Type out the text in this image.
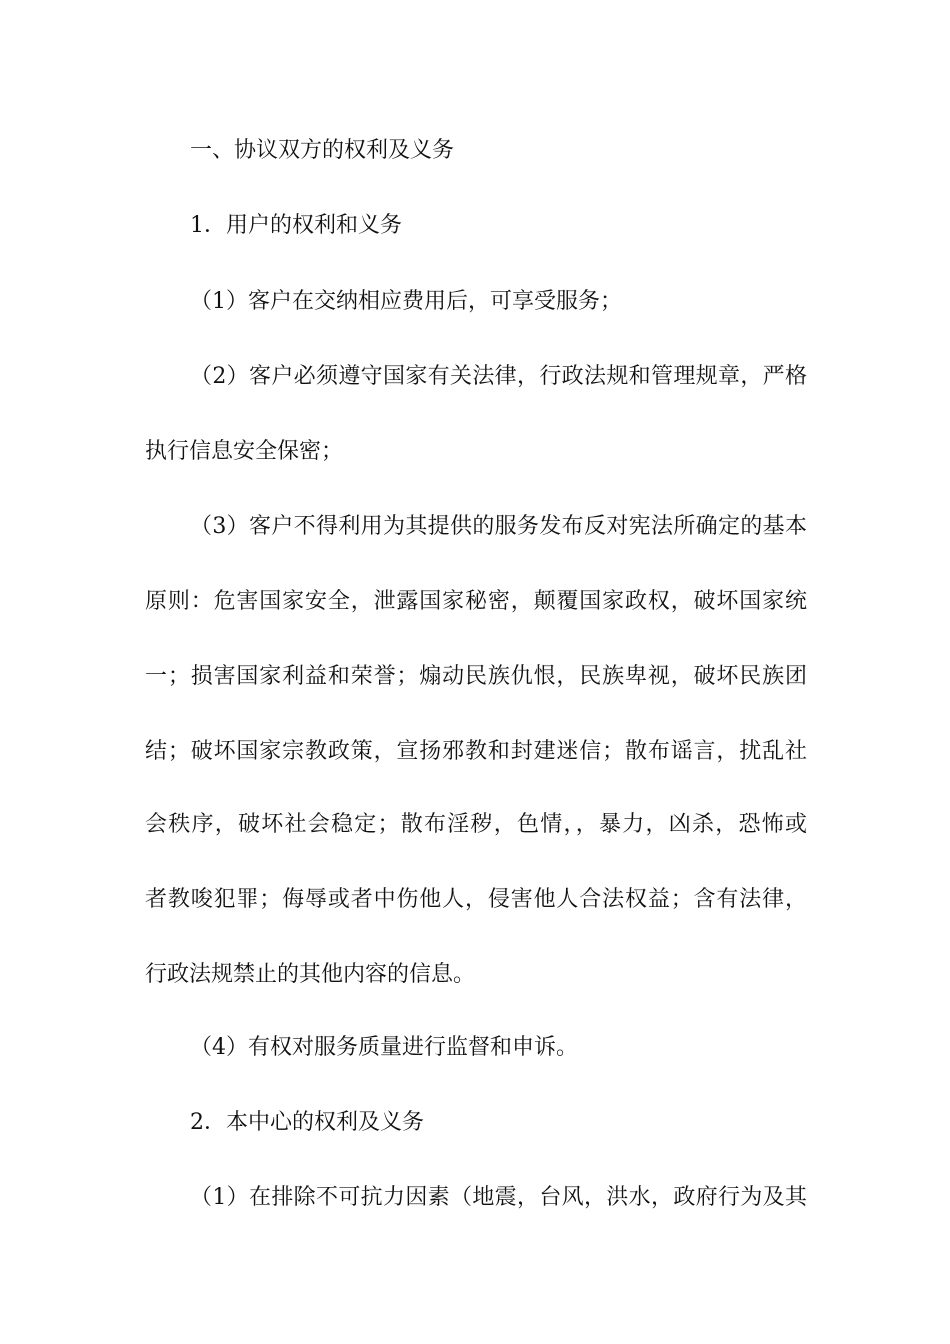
一、协议双方的权利及义务
1．用户的权利和义务
（1）客户在交纳相应费用后，可享受服务；
（2）客户必须遵守国家有关法律，行政法规和管理规章，严格
执行信息安全保密；
（3）客户不得利用为其提供的服务发布反对宪法所确定的基本
原则：危害国家安全，泄露国家秘密，颠覆国家政权，破坏国家统
一；损害国家利益和荣誉；煽动民族仇恨，民族卑视，破坏民族团
结；破坏国家宗教政策，宣扬邪教和封建迷信；散布谣言，扰乱社
会秩序，破坏社会稳定；散布淫秽，色情，，暴力，凶杀，恐怖或
者教唆犯罪；侮辱或者中伤他人，侵害他人合法权益；含有法律，
行政法规禁止的其他内容的信息。
（4）有权对服务质量进行监督和申诉。
2．本中心的权利及义务
（1）在排除不可抗力因素（地震，台风，洪水，政府行为及其
